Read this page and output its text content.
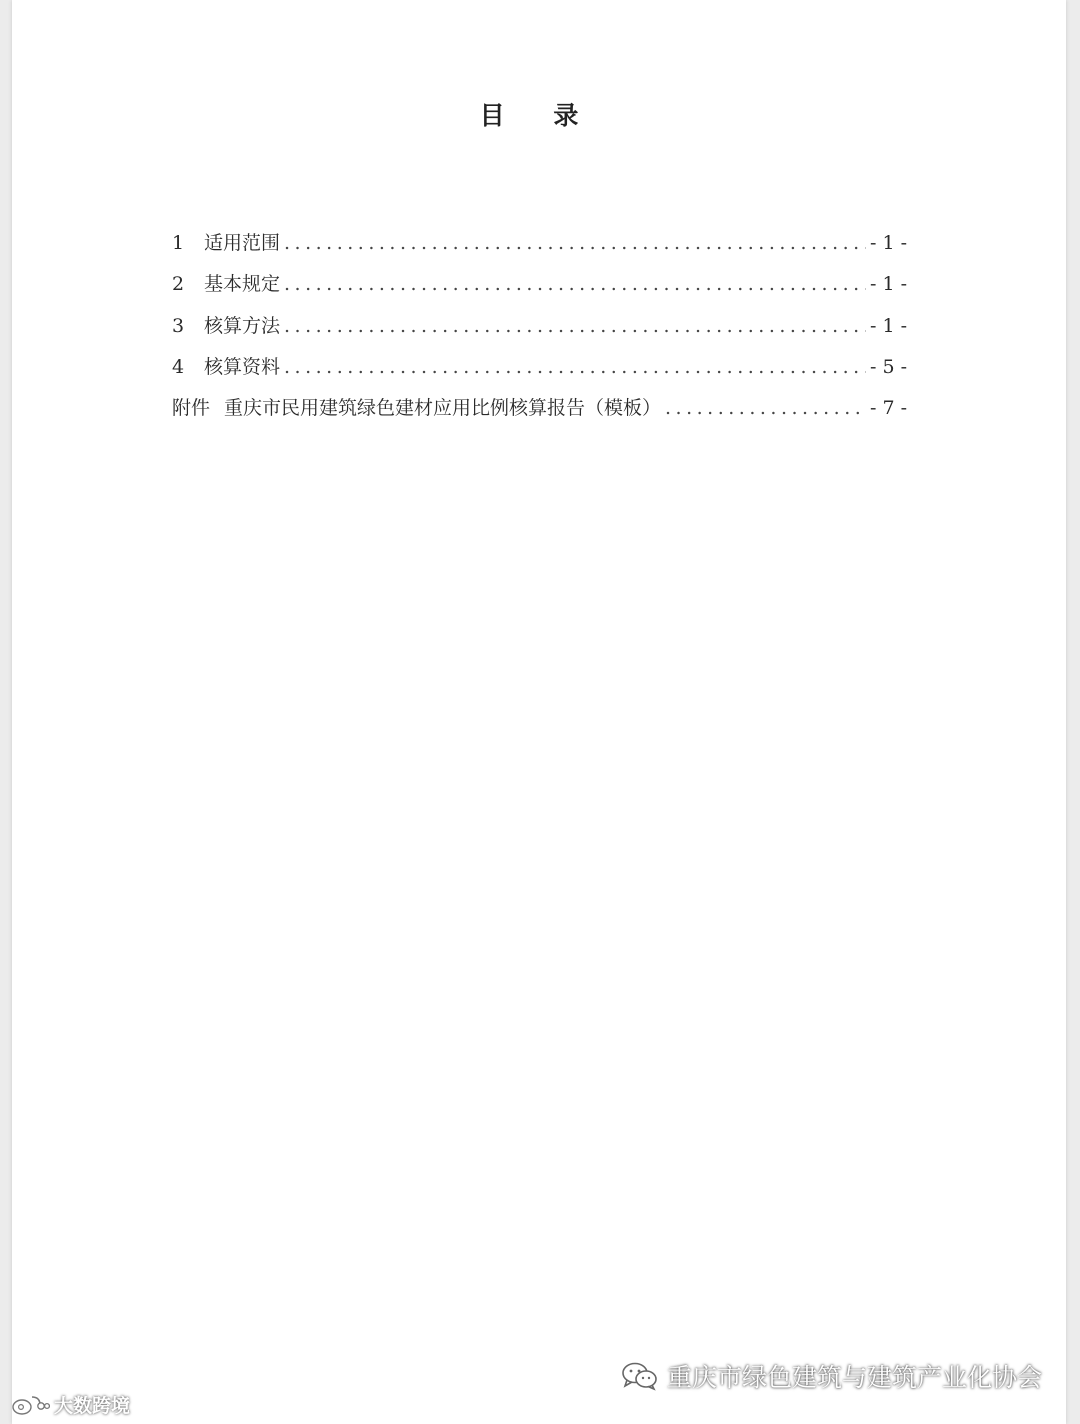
目 录
1	适用范围 .....	- 1 -
2	基本规定 .....	- 1 -
3	核算方法 .....	- 1 -
4	核算资料 .....	- 5 -
附件 重庆市民用建筑绿色建材应用比例核算报告（模板） .....	- 7 -
重庆市绿色建筑与建筑产业化协会
大数跨境
